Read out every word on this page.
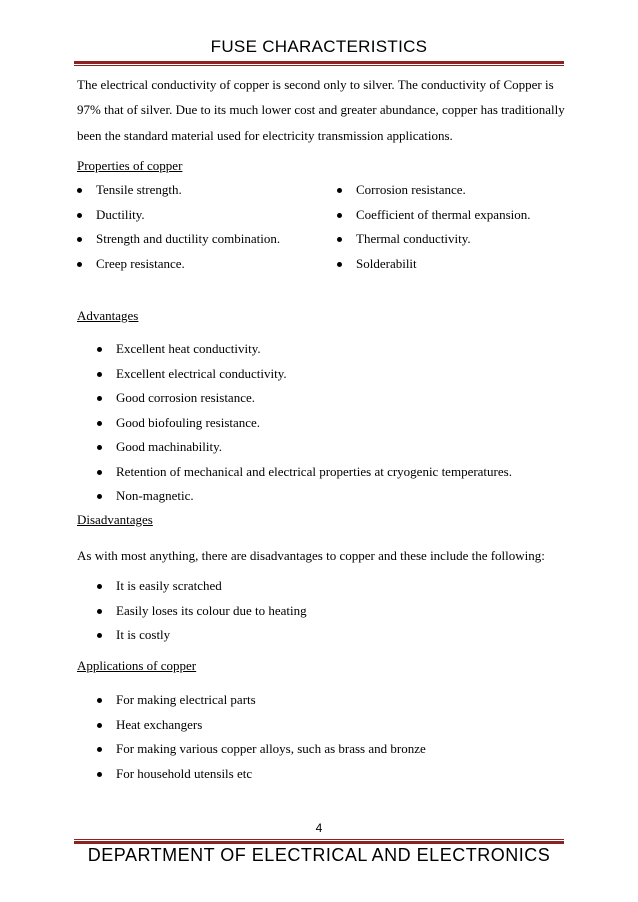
FUSE CHARACTERISTICS

The electrical conductivity of copper is second only to silver. The conductivity of Copper is
97% that of silver. Due to its much lower cost and greater abundance, copper has traditionally
been the standard material used for electricity transmission applications.

Properties of copper

Tensile strength.
Ductility.
Strength and ductility combination.
Creep resistance.
Corrosion resistance.
Coefficient of thermal expansion.
Thermal conductivity.
Solderabilit

Advantages

Excellent heat conductivity.
Excellent electrical conductivity.
Good corrosion resistance.
Good biofouling resistance.
Good machinability.
Retention of mechanical and electrical properties at cryogenic temperatures.
Non-magnetic.

Disadvantages

As with most anything, there are disadvantages to copper and these include the following:
It is easily scratched
Easily loses its colour due to heating
It is costly

Applications of copper

For making electrical parts
Heat exchangers
For making various copper alloys, such as brass and bronze
For household utensils etc
4
DEPARTMENT OF ELECTRICAL AND ELECTRONICS
